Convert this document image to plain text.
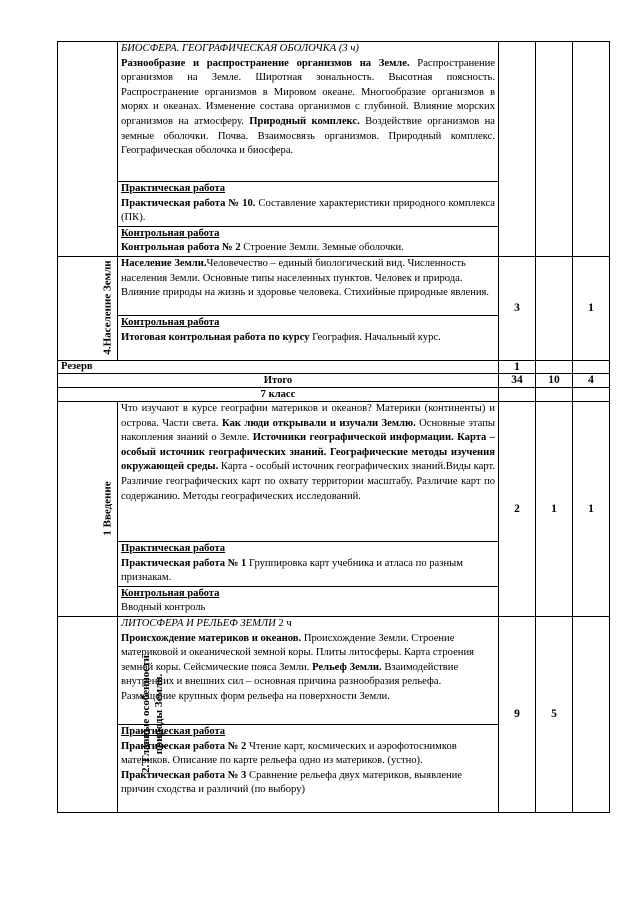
	БИОСФЕРА. ГЕОГРАФИЧЕСКАЯ ОБОЛОЧКА (3 ч)
Разнообразие и распространение организмов на Земле. Распространение организмов на Земле. Широтная зональность. Высотная поясность. Распространение организмов в Мировом океане. Многообразие организмов в морях и океанах. Изменение состава организмов с глубиной. Влияние морских организмов на атмосферу. Природный комплекс. Воздействие организмов на земные оболочки. Почва. Взаимосвязь организмов. Природный комплекс. Географическая оболочка и биосфера.			
	Практическая работа
Практическая работа № 10. Составление характеристики природного комплекса (ПК).			
	Контрольная работа
Контрольная работа № 2 Строение Земли. Земные оболочки.			
4.Население Земли	Население Земли.Человечество – единый биологический вид. Численность населения Земли. Основные типы населенных пунктов. Человек и природа. Влияние природы на жизнь и здоровье человека. Стихийные природные явления.	3		1
	Контрольная работа
Итоговая контрольная работа по курсу География. Начальный курс.			
Резерв		1		
Итого		34	10	4
7 класс				
1 Введение	Что изучают в курсе географии материков и океанов? Материки (континенты) и острова. Части света. Как люди открывали и изучали Землю. Основные этапы накопления знаний о Земле. Источники географической информации. Карта – особый источник географических знаний. Географические методы изучения окружающей среды. Карта - особый источник географических знаний.Виды карт. Различие географических карт по охвату территории масштабу. Различие карт по содержанию. Методы географических исследований.	2	1	1
	Практическая работа
Практическая работа № 1 Группировка карт учебника и атласа по разным признакам.			
	Контрольная работа
Вводный контроль			
2. Главные особенности
природы Земли.	ЛИТОСФЕРА И РЕЛЬЕФ ЗЕМЛИ 2 ч
Происхождение материков и океанов. Происхождение Земли. Строение материковой и океанической земной коры. Плиты литосферы. Карта строения земной коры. Сейсмические пояса Земли. Рельеф Земли. Взаимодействие внутренних и внешних сил – основная причина разнообразия рельефа. Размещение крупных форм рельефа на поверхности Земли.	9	5	
	Практическая работа
Практическая работа № 2 Чтение карт, космических и аэрофотоснимков материков. Описание по карте рельефа одно из материков. (устно).
Практическая работа № 3 Сравнение рельефа двух материков, выявление причин сходства и различий (по выбору)			
